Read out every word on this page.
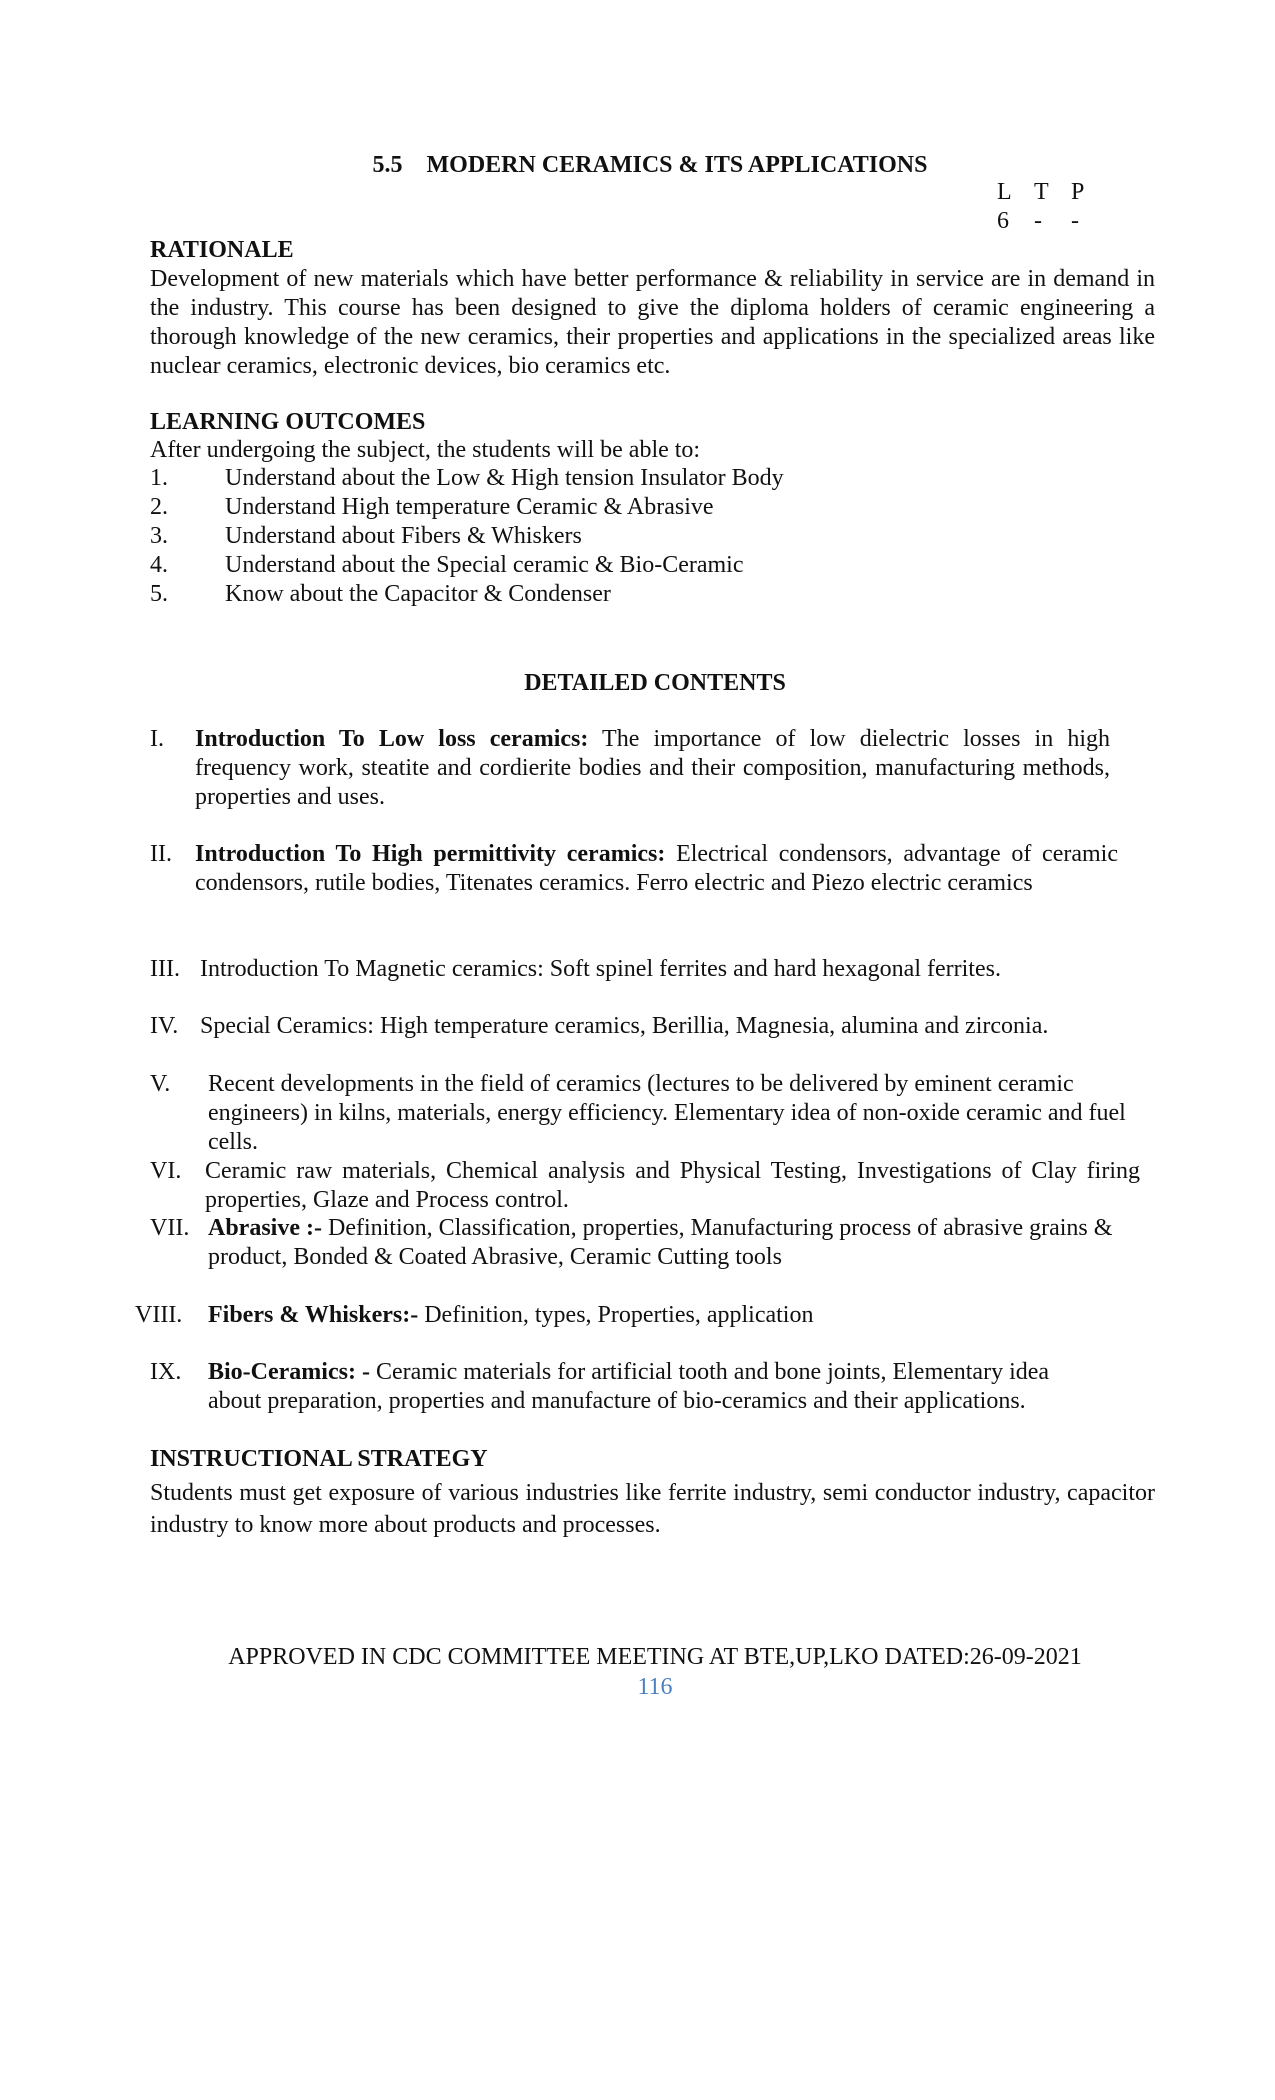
5.5 MODERN CERAMICS & ITS APPLICATIONS
L T P
6	-	-
RATIONALE
Development of new materials which have better performance & reliability in service are in demand in the industry. This course has been designed to give the diploma holders of ceramic engineering a thorough knowledge of the new ceramics, their properties and applications in the specialized areas like nuclear ceramics, electronic devices, bio ceramics etc.
LEARNING OUTCOMES
After undergoing the subject, the students will be able to:
1.	Understand about the Low & High tension Insulator Body
2.	Understand High temperature Ceramic & Abrasive
3.	Understand about Fibers & Whiskers
4.	Understand about the Special ceramic & Bio-Ceramic
5.	Know about the Capacitor & Condenser
DETAILED CONTENTS
I. Introduction To Low loss ceramics: The importance of low dielectric losses in high frequency work, steatite and cordierite bodies and their composition, manufacturing methods, properties and uses.
II. Introduction To High permittivity ceramics: Electrical condensors, advantage of ceramic condensors, rutile bodies, Titenates ceramics. Ferro electric and Piezo electric ceramics
III. Introduction To Magnetic ceramics: Soft spinel ferrites and hard hexagonal ferrites.
IV. Special Ceramics: High temperature ceramics, Berillia, Magnesia, alumina and zirconia.
V. Recent developments in the field of ceramics (lectures to be delivered by eminent ceramic engineers) in kilns, materials, energy efficiency. Elementary idea of non-oxide ceramic and fuel cells.
VI. Ceramic raw materials, Chemical analysis and Physical Testing, Investigations of Clay firing properties, Glaze and Process control.
VII. Abrasive :- Definition, Classification, properties, Manufacturing process of abrasive grains & product, Bonded & Coated Abrasive, Ceramic Cutting tools
VIII. Fibers & Whiskers:- Definition, types, Properties, application
IX. Bio-Ceramics: - Ceramic materials for artificial tooth and bone joints, Elementary idea about preparation, properties and manufacture of bio-ceramics and their applications.
INSTRUCTIONAL STRATEGY
Students must get exposure of various industries like ferrite industry, semi conductor industry, capacitor industry to know more about products and processes.
APPROVED IN CDC COMMITTEE MEETING AT BTE,UP,LKO DATED:26-09-2021
116
